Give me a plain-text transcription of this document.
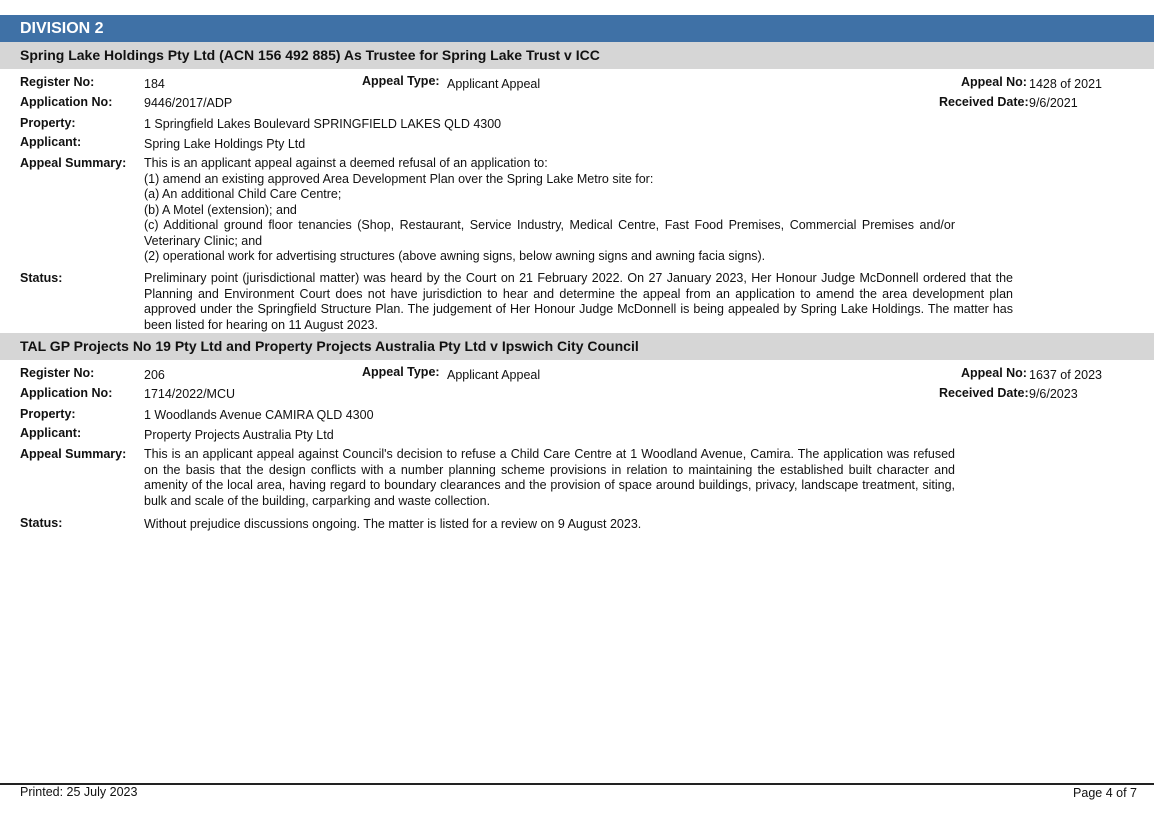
DIVISION 2
Spring Lake Holdings Pty Ltd (ACN 156 492 885) As Trustee for Spring Lake Trust v ICC
Register No:	184	Appeal Type: Applicant Appeal	Appeal No: 1428 of 2021
Application No:	9446/2017/ADP	Received Date: 9/6/2021
Property:	1 Springfield Lakes Boulevard SPRINGFIELD LAKES QLD 4300
Applicant:	Spring Lake Holdings Pty Ltd
Appeal Summary: This is an applicant appeal against a deemed refusal of an application to:
(1) amend an existing approved Area Development Plan over the Spring Lake Metro site for:
(a) An additional Child Care Centre;
(b) A Motel (extension); and
(c) Additional ground floor tenancies (Shop, Restaurant, Service Industry, Medical Centre, Fast Food Premises, Commercial Premises and/or Veterinary Clinic; and
(2) operational work for advertising structures (above awning signs, below awning signs and awning facia signs).
Status:	Preliminary point (jurisdictional matter) was heard by the Court on 21 February 2022. On 27 January 2023, Her Honour Judge McDonnell ordered that the Planning and Environment Court does not have jurisdiction to hear and determine the appeal from an application to amend the area development plan approved under the Springfield Structure Plan. The judgement of Her Honour Judge McDonnell is being appealed by Spring Lake Holdings. The matter has been listed for hearing on 11 August 2023.
TAL GP Projects No 19 Pty Ltd and Property Projects Australia Pty Ltd v Ipswich City Council
Register No:	206	Appeal Type: Applicant Appeal	Appeal No: 1637 of 2023
Application No:	1714/2022/MCU	Received Date: 9/6/2023
Property:	1 Woodlands Avenue CAMIRA QLD 4300
Applicant:	Property Projects Australia Pty Ltd
Appeal Summary: This is an applicant appeal against Council's decision to refuse a Child Care Centre at 1 Woodland Avenue, Camira. The application was refused on the basis that the design conflicts with a number planning scheme provisions in relation to maintaining the established built character and amenity of the local area, having regard to boundary clearances and the provision of space around buildings, privacy, landscape treatment, siting, bulk and scale of the building, carparking and waste collection.
Status:	Without prejudice discussions ongoing. The matter is listed for a review on 9 August 2023.
Printed: 25 July 2023	Page 4 of 7
